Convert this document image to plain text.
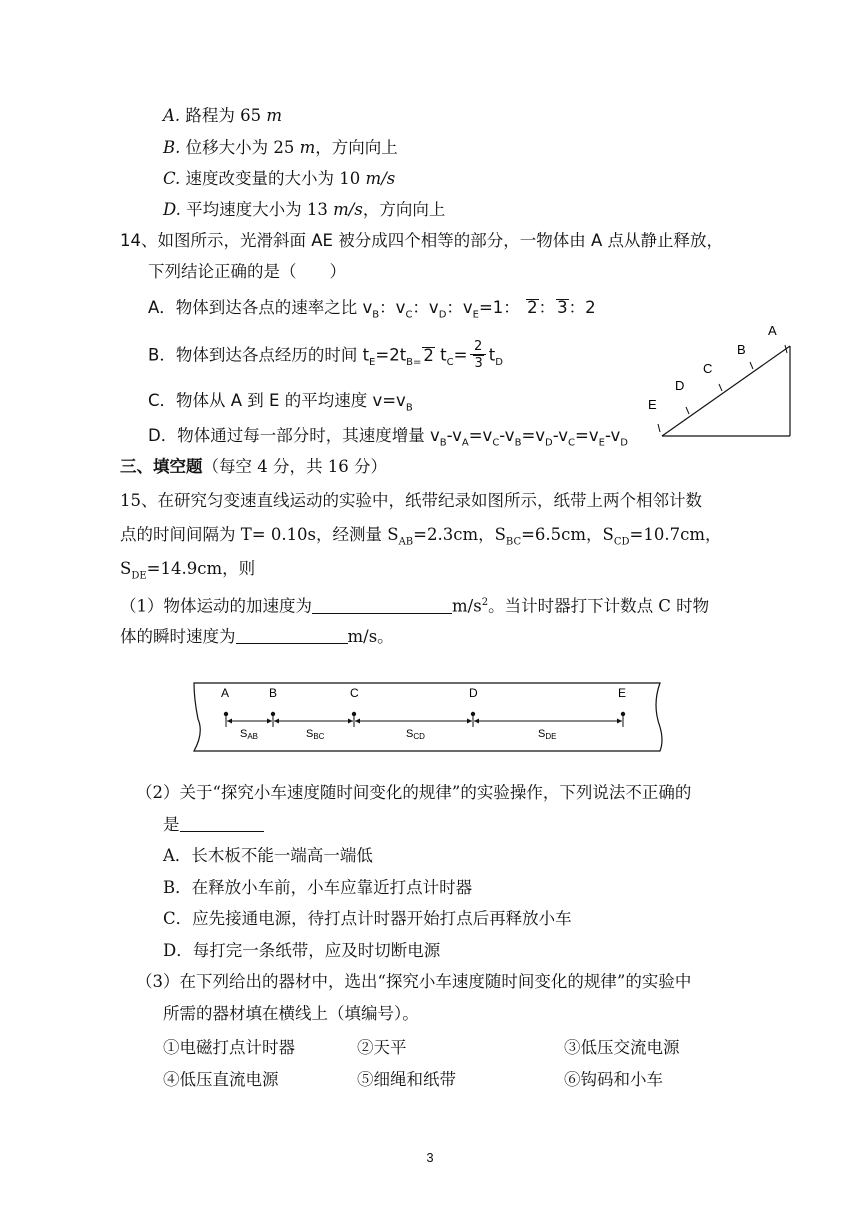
A. 路程为 65 m
B. 位移大小为 25 m，方向向上
C. 速度改变量的大小为 10 m/s
D. 平均速度大小为 13 m/s，方向向上
14、如图所示，光滑斜面 AE 被分成四个相等的部分，一物体由 A 点从静止释放，
下列结论正确的是（　　）
A．物体到达各点的速率之比 $v_B$：$v_C$：$v_D$：$v_E=1$： 2： 3：2
B．物体到达各点经历的时间 $t_E=2t_{B=}$ 2 $t_C= \frac{2}{3} t_D$
C．物体从 A 到 E 的平均速度 $v=v_B$
D．物体通过每一部分时，其速度增量 $v_B-v_A=v_C-v_B=v_D-v_C=v_E-v_D$
A
B
C
D
E
三、填空题（每空 4 分，共 16 分）
15、在研究匀变速直线运动的实验中，纸带纪录如图所示，纸带上两个相邻计数
点的时间间隔为 T= 0.10s，经测量 $S_{AB}=2.3cm$，$S_{BC}=6.5cm$，$S_{CD}=10.7cm$，
$S_{DE}=14.9cm$，则
（1）物体运动的加速度为	$m/s^2$。当计时器打下计数点 C 时物
体的瞬时速度为	m/s。
A	B	C	D	E
SAB	SBC	SCD	SDE
（2）关于“探究小车速度随时间变化的规律”的实验操作，下列说法不正确的
是
A．长木板不能一端高一端低
B．在释放小车前，小车应靠近打点计时器
C．应先接通电源，待打点计时器开始打点后再释放小车
D．每打完一条纸带，应及时切断电源
（3）在下列给出的器材中，选出“探究小车速度随时间变化的规律”的实验中
所需的器材填在横线上（填编号）。
①电磁打点计时器	②天平	③低压交流电源
④低压直流电源	⑤细绳和纸带	⑥钩码和小车
3
